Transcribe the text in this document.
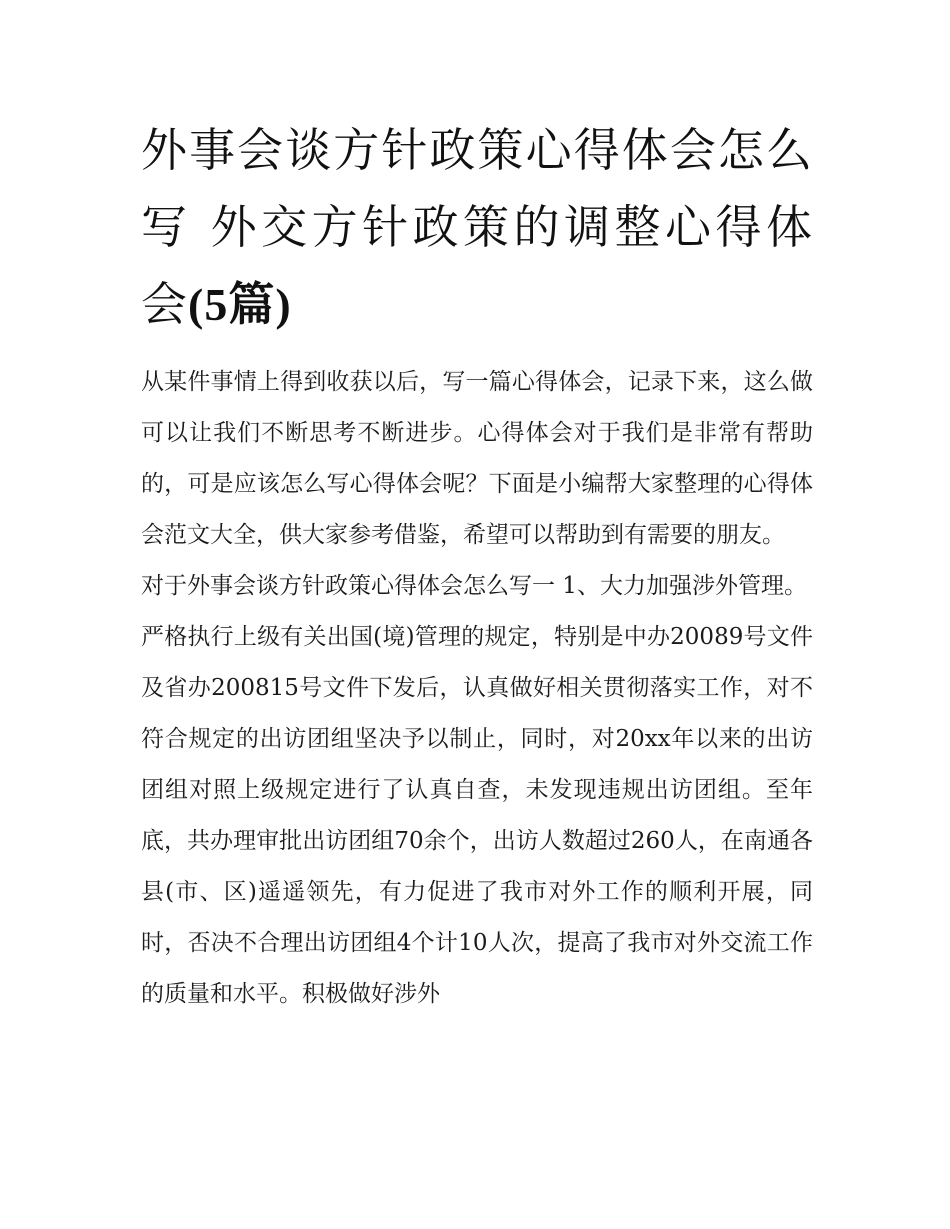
外事会谈方针政策心得体会怎么写 外交方针政策的调整心得体会(5篇)

从某件事情上得到收获以后，写一篇心得体会，记录下来，这么做可以让我们不断思考不断进步。心得体会对于我们是非常有帮助的，可是应该怎么写心得体会呢？下面是小编帮大家整理的心得体会范文大全，供大家参考借鉴，希望可以帮助到有需要的朋友。

对于外事会谈方针政策心得体会怎么写一 1、大力加强涉外管理。

严格执行上级有关出国(境)管理的规定，特别是中办20089号文件及省办200815号文件下发后，认真做好相关贯彻落实工作，对不符合规定的出访团组坚决予以制止，同时，对20xx年以来的出访团组对照上级规定进行了认真自查，未发现违规出访团组。至年底，共办理审批出访团组70余个，出访人数超过260人，在南通各县(市、区)遥遥领先，有力促进了我市对外工作的顺利开展，同时，否决不合理出访团组4个计10人次，提高了我市对外交流工作的质量和水平。积极做好涉外
